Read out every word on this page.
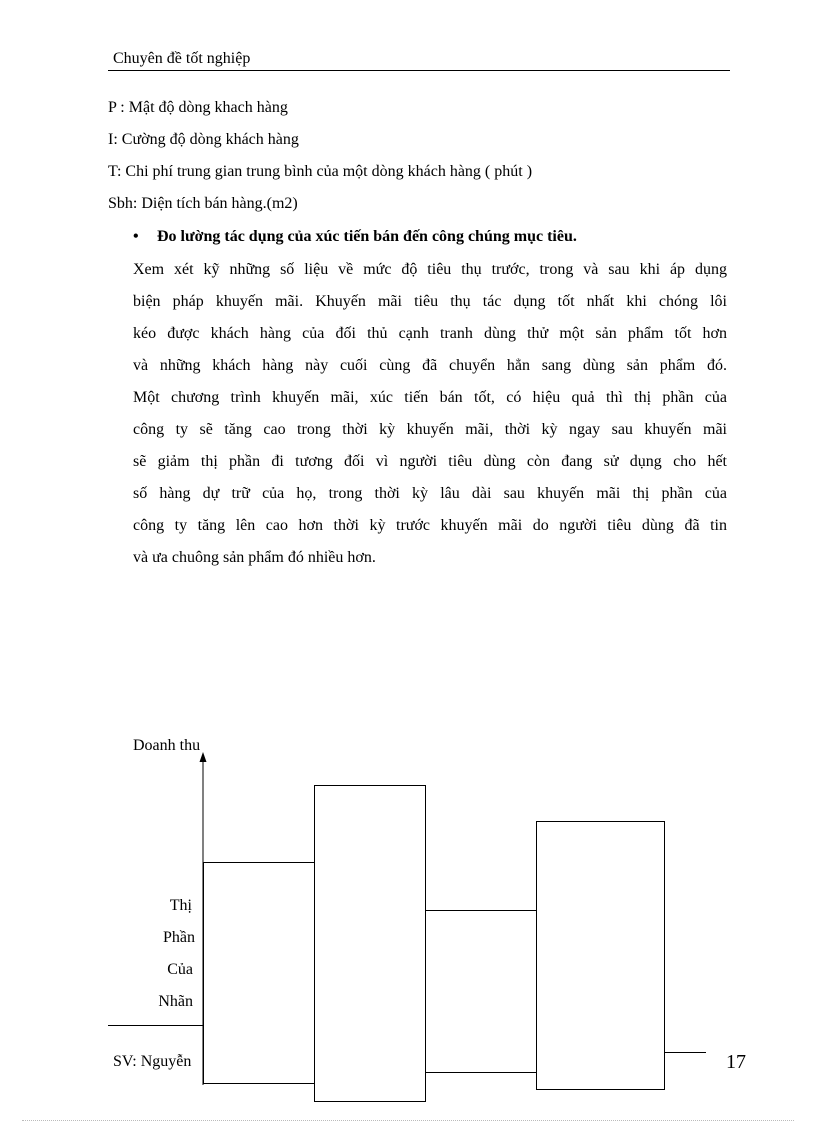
Chuyên đề tốt nghiệp
P : Mật độ dòng khach hàng
I: Cường độ dòng khách hàng
T: Chi phí trung gian trung bình của một dòng khách hàng ( phút )
Sbh: Diện tích bán hàng.(m2)
• Đo lường tác dụng của xúc tiến bán đến công chúng mục tiêu.
Xem xét kỹ những số liệu về mức độ tiêu thụ trước, trong và sau khi áp dụng
biện pháp khuyến mãi. Khuyến mãi tiêu thụ tác dụng tốt nhất khi chóng lôi
kéo được khách hàng của đối thủ cạnh tranh dùng thử một sản phẩm tốt hơn
và những khách hàng này cuối cùng đã chuyển hẳn sang dùng sản phẩm đó.
Một chương trình khuyến mãi, xúc tiến bán tốt, có hiệu quả thì thị phần của
công ty sẽ tăng cao trong thời kỳ khuyến mãi, thời kỳ ngay sau khuyến mãi
sẽ giảm thị phần đi tương đối vì người tiêu dùng còn đang sử dụng cho hết
số hàng dự trữ của họ, trong thời kỳ lâu dài sau khuyến mãi thị phần của
công ty tăng lên cao hơn thời kỳ trước khuyến mãi do người tiêu dùng đã tin
và ưa chuông sản phẩm đó nhiều hơn.
SV: Nguyễn	17
Doanh thu
Thị
Phần
Của
Nhãn
